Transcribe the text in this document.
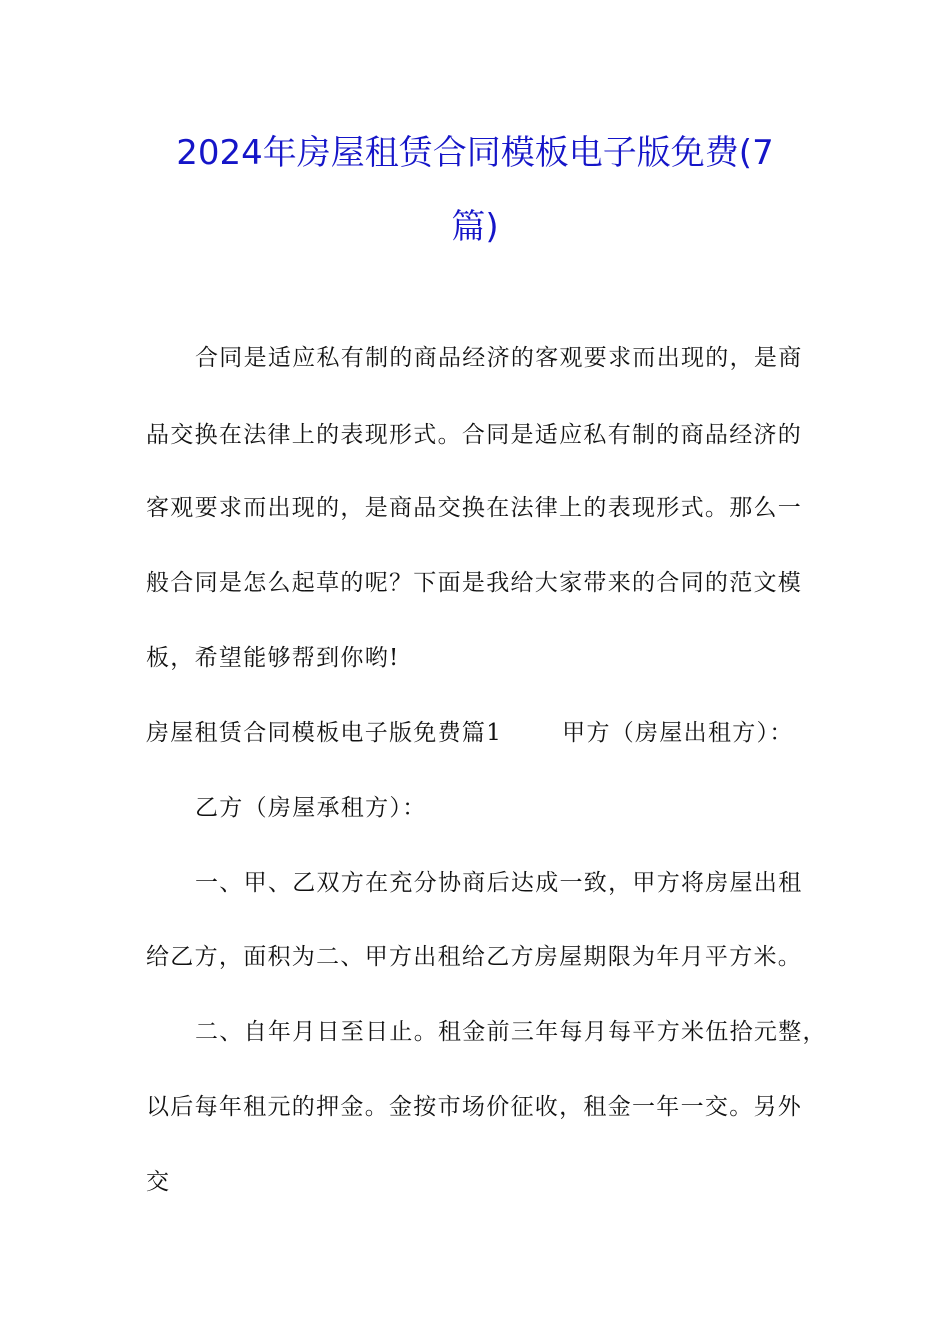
2024年房屋租赁合同模板电子版免费(7
篇)
合同是适应私有制的商品经济的客观要求而出现的，是商
品交换在法律上的表现形式。合同是适应私有制的商品经济的
客观要求而出现的，是商品交换在法律上的表现形式。那么一
般合同是怎么起草的呢？下面是我给大家带来的合同的范文模
板，希望能够帮到你哟!
房屋租赁合同模板电子版免费篇1	甲方（房屋出租方）：
乙方（房屋承租方）：
一、甲、乙双方在充分协商后达成一致，甲方将房屋出租
给乙方，面积为二、甲方出租给乙方房屋期限为年月平方米。
二、自年月日至日止。租金前三年每月每平方米伍拾元整，
以后每年租元的押金。金按市场价征收，租金一年一交。另外
交
